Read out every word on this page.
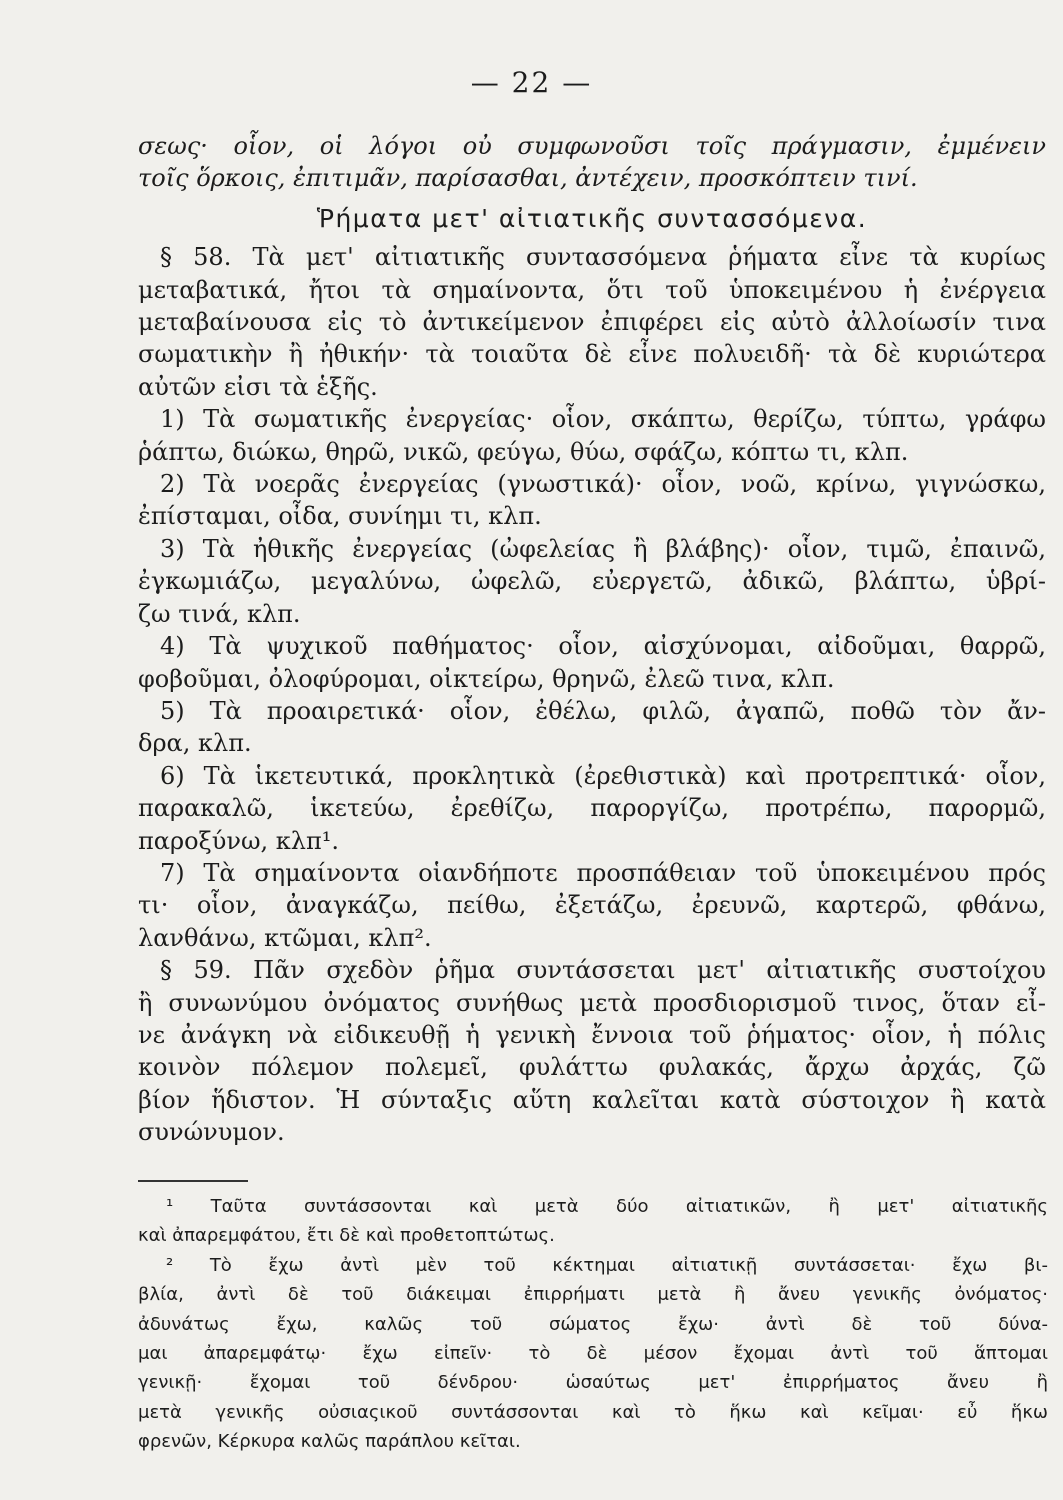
— 22 —

σεως· οἷον, οἱ λόγοι οὐ συμφωνοῦσι τοῖς πράγμασιν, ἐμμένειν
τοῖς ὅρκοις, ἐπιτιμᾶν, παρίσασθαι, ἀντέχειν, προσκόπτειν τινί.

Ῥήματα μετ' αἰτιατικῆς συντασσόμενα.

§ 58. Τὰ μετ' αἰτιατικῆς συντασσόμενα ῥήματα εἶνε τὰ κυρίως
μεταβατικά, ἤτοι τὰ σημαίνοντα, ὅτι τοῦ ὑποκειμένου ἡ ἐνέργεια
μεταβαίνουσα εἰς τὸ ἀντικείμενον ἐπιφέρει εἰς αὐτὸ ἀλλοίωσίν τινα
σωματικὴν ἢ ἠθικήν· τὰ τοιαῦτα δὲ εἶνε πολυειδῆ· τὰ δὲ κυριώτερα
αὐτῶν εἰσι τὰ ἑξῆς.

1) Τὰ σωματικῆς ἐνεργείας· οἷον, σκάπτω, θερίζω, τύπτω, γράφω
ῥάπτω, διώκω, θηρῶ, νικῶ, φεύγω, θύω, σφάζω, κόπτω τι, κλπ.

2) Τὰ νοερᾶς ἐνεργείας (γνωστικά)· οἷον, νοῶ, κρίνω, γιγνώσκω,
ἐπίσταμαι, οἶδα, συνίημι τι, κλπ.

3) Τὰ ἠθικῆς ἐνεργείας (ὠφελείας ἢ βλάβης)· οἷον, τιμῶ, ἐπαινῶ,
ἐγκωμιάζω, μεγαλύνω, ὠφελῶ, εὐεργετῶ, ἀδικῶ, βλάπτω, ὑβρί-
ζω τινά, κλπ.

4) Τὰ ψυχικοῦ παθήματος· οἷον, αἰσχύνομαι, αἰδοῦμαι, θαρρῶ,
φοβοῦμαι, ὀλοφύρομαι, οἰκτείρω, θρηνῶ, ἐλεῶ τινα, κλπ.

5) Τὰ προαιρετικά· οἷον, ἐθέλω, φιλῶ, ἀγαπῶ, ποθῶ τὸν ἄν-
δρα, κλπ.

6) Τὰ ἱκετευτικά, προκλητικὰ (ἐρεθιστικὰ) καὶ προτρεπτικά· οἷον,
παρακαλῶ, ἱκετεύω, ἐρεθίζω, παροργίζω, προτρέπω, παρορμῶ,
παροξύνω, κλπ¹.

7) Τὰ σημαίνοντα οἱανδήποτε προσπάθειαν τοῦ ὑποκειμένου πρός
τι· οἷον, ἀναγκάζω, πείθω, ἐξετάζω, ἐρευνῶ, καρτερῶ, φθάνω,
λανθάνω, κτῶμαι, κλπ².

§ 59. Πᾶν σχεδὸν ῥῆμα συντάσσεται μετ' αἰτιατικῆς συστοίχου
ἢ συνωνύμου ὀνόματος συνήθως μετὰ προσδιορισμοῦ τινος, ὅταν εἶ-
νε ἀνάγκη νὰ εἰδικευθῇ ἡ γενικὴ ἔννοια τοῦ ῥήματος· οἷον, ἡ πόλις
κοινὸν πόλεμον πολεμεῖ, φυλάττω φυλακάς, ἄρχω ἀρχάς, ζῶ
βίον ἥδιστον. Ἡ σύνταξις αὕτη καλεῖται κατὰ σύστοιχον ἢ κατὰ
συνώνυμον.

¹ Ταῦτα συντάσσονται καὶ μετὰ δύο αἰτιατικῶν, ἢ μετ' αἰτιατικῆς
καὶ ἀπαρεμφάτου, ἔτι δὲ καὶ προθετοπτώτως.

² Τὸ ἔχω ἀντὶ μὲν τοῦ κέκτημαι αἰτιατικῇ συντάσσεται· ἔχω βι-
βλία, ἀντὶ δὲ τοῦ διάκειμαι ἐπιρρήματι μετὰ ἢ ἄνευ γενικῆς ὀνόματος·
ἀδυνάτως ἔχω, καλῶς τοῦ σώματος ἔχω· ἀντὶ δὲ τοῦ δύνα-
μαι ἀπαρεμφάτῳ· ἔχω εἰπεῖν· τὸ δὲ μέσον ἔχομαι ἀντὶ τοῦ ἅπτομαι
γενικῇ· ἔχομαι τοῦ δένδρου· ὡσαύτως μετ' ἐπιρρήματος ἄνευ ἢ
μετὰ γενικῆς οὐσιαςικοῦ συντάσσονται καὶ τὸ ἥκω καὶ κεῖμαι· εὖ ἥκω
φρενῶν, Κέρκυρα καλῶς παράπλου κεῖται.
